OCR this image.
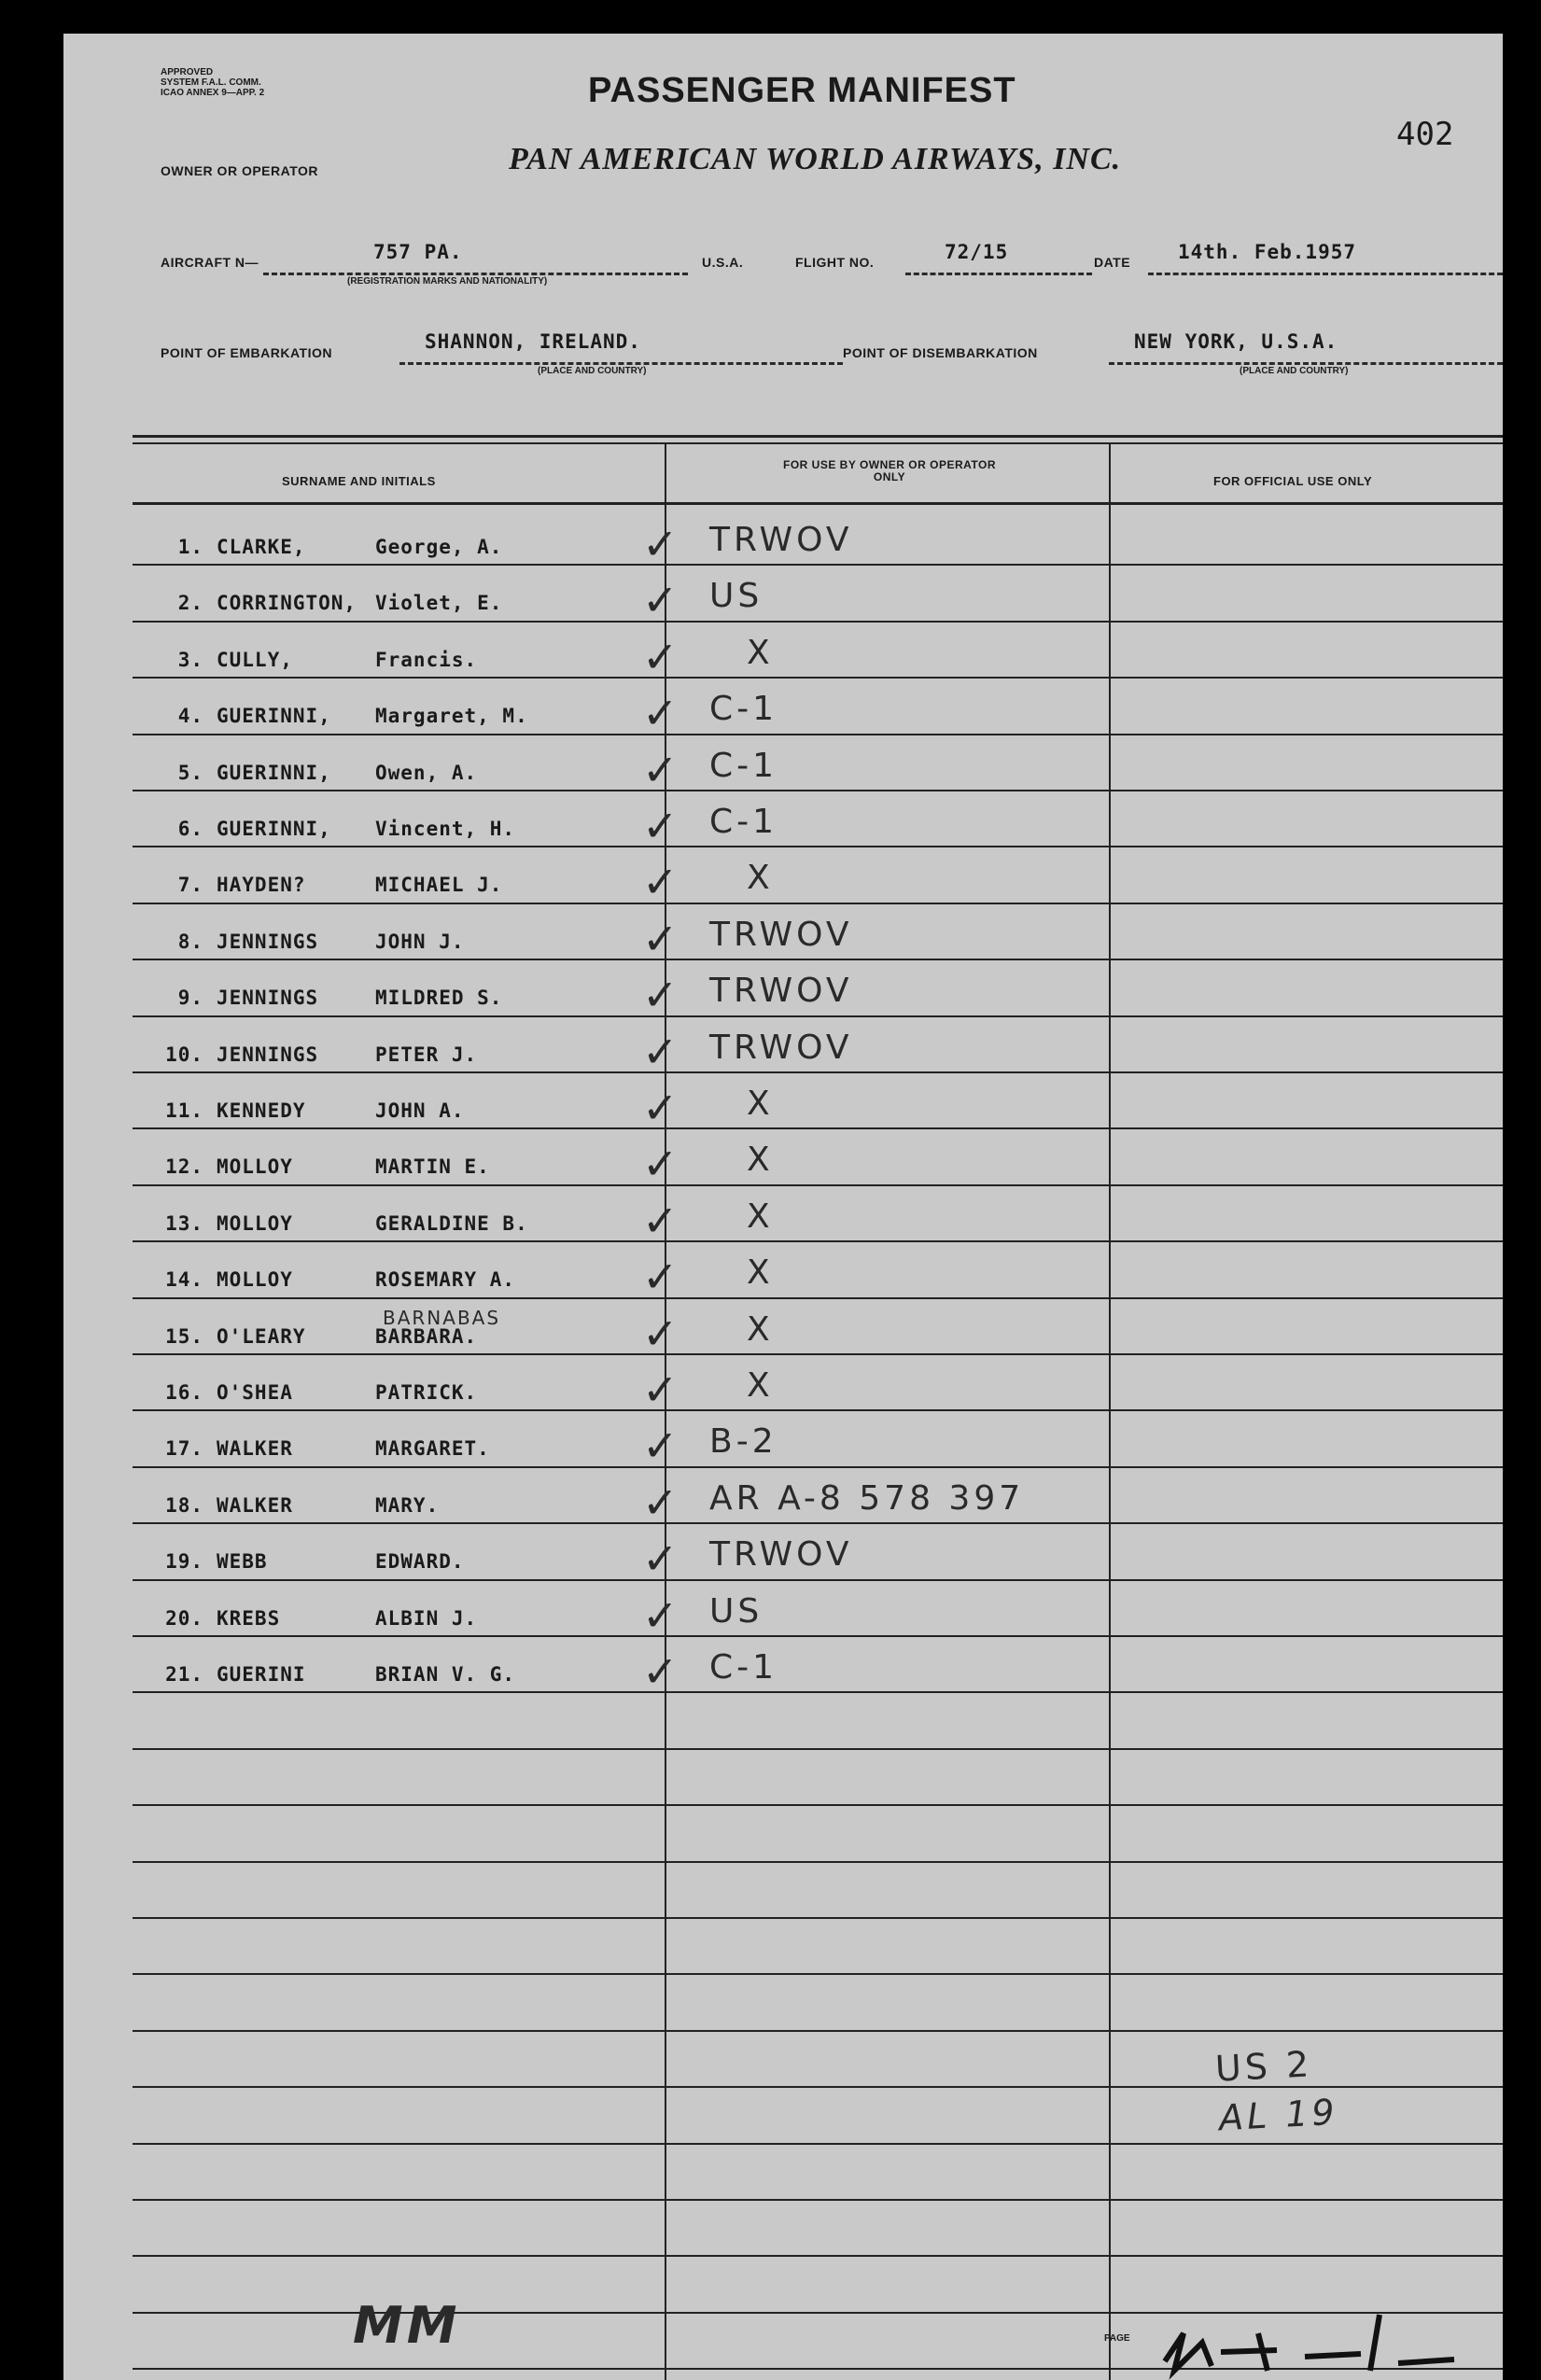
APPROVED
SYSTEM F.A.L. COMM.
ICAO ANNEX 9—APP. 2	PASSENGER MANIFEST
402
OWNER OR OPERATOR	PAN AMERICAN WORLD AIRWAYS, INC.
AIRCRAFT N—	757 PA.
(REGISTRATION MARKS AND NATIONALITY)
U.S.A.	FLIGHT NO.	72/15	DATE 14th. Feb.1957
POINT OF EMBARKATION	SHANNON, IRELAND.
(PLACE AND COUNTRY)
POINT OF DISEMBARKATION	NEW YORK, U.S.A.
(PLACE AND COUNTRY)
SURNAME AND INITIALS
FOR USE BY OWNER OR OPERATOR ONLY	FOR OFFICIAL USE ONLY
1. CLARKE,	George, A.	✓ TRWOV
2. CORRINGTON, Violet, E.	✓ US
3. CULLY,	Francis.	✓ X
4. GUERINNI, Margaret, M.	✓ C-1
5. GUERINNI, Owen, A.	✓ C-1
6. GUERINNI, Vincent, H.	✓ C-1
7. HAYDEN?	MICHAEL J.	✓ X
8. JENNINGS	JOHN J.	✓ TRWOV
9. JENNINGS	MILDRED S.	✓ TRWOV
10. JENNINGS	PETER J.	✓ TRWOV
11. KENNEDY	JOHN A.	✓ X
12. MOLLOY	MARTIN E.	✓ X
13. MOLLOY	GERALDINE B.	✓ X
14. MOLLOY	ROSEMARY A.	✓ X
15. O'LEARY	BARBARA.	✓ X
BARNABAS
16. O'SHEA	PATRICK.	✓ X
17. WALKER	MARGARET.	✓ B-2
18. WALKER	MARY.	✓ AR A-8 578 397
19. WEBB	EDWARD.	✓ TRWOV
20. KREBS	ALBIN J.	✓ US
21. GUERINI	BRIAN V. G.	✓ C-1
US 2
AL 19
MM	PAGE
